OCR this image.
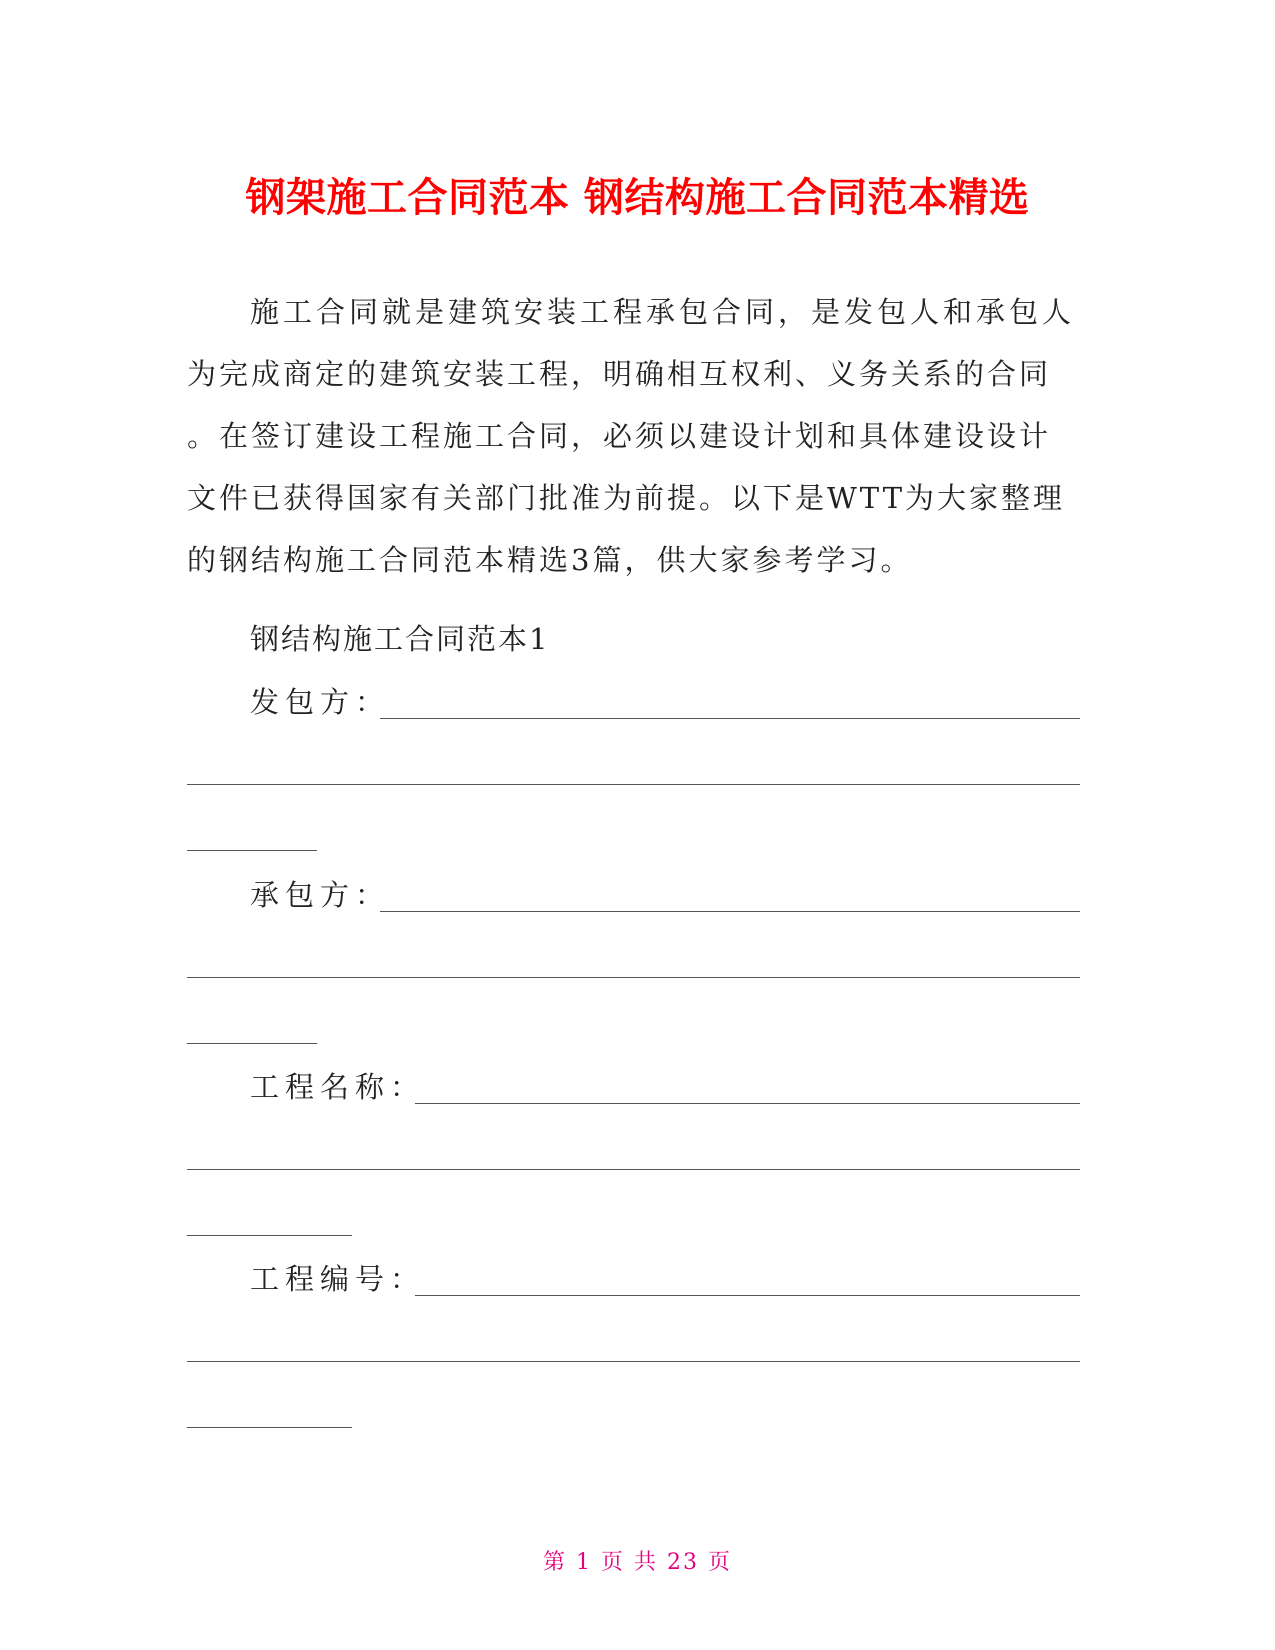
钢架施工合同范本 钢结构施工合同范本精选
施工合同就是建筑安装工程承包合同，是发包人和承包人
为完成商定的建筑安装工程，明确相互权利、义务关系的合同
。在签订建设工程施工合同，必须以建设计划和具体建设设计
文件已获得国家有关部门批准为前提。以下是WTT为大家整理
的钢结构施工合同范本精选3篇，供大家参考学习。
钢结构施工合同范本1
发包方：
承包方：
工程名称：
工程编号：
第 1 页 共 23 页
